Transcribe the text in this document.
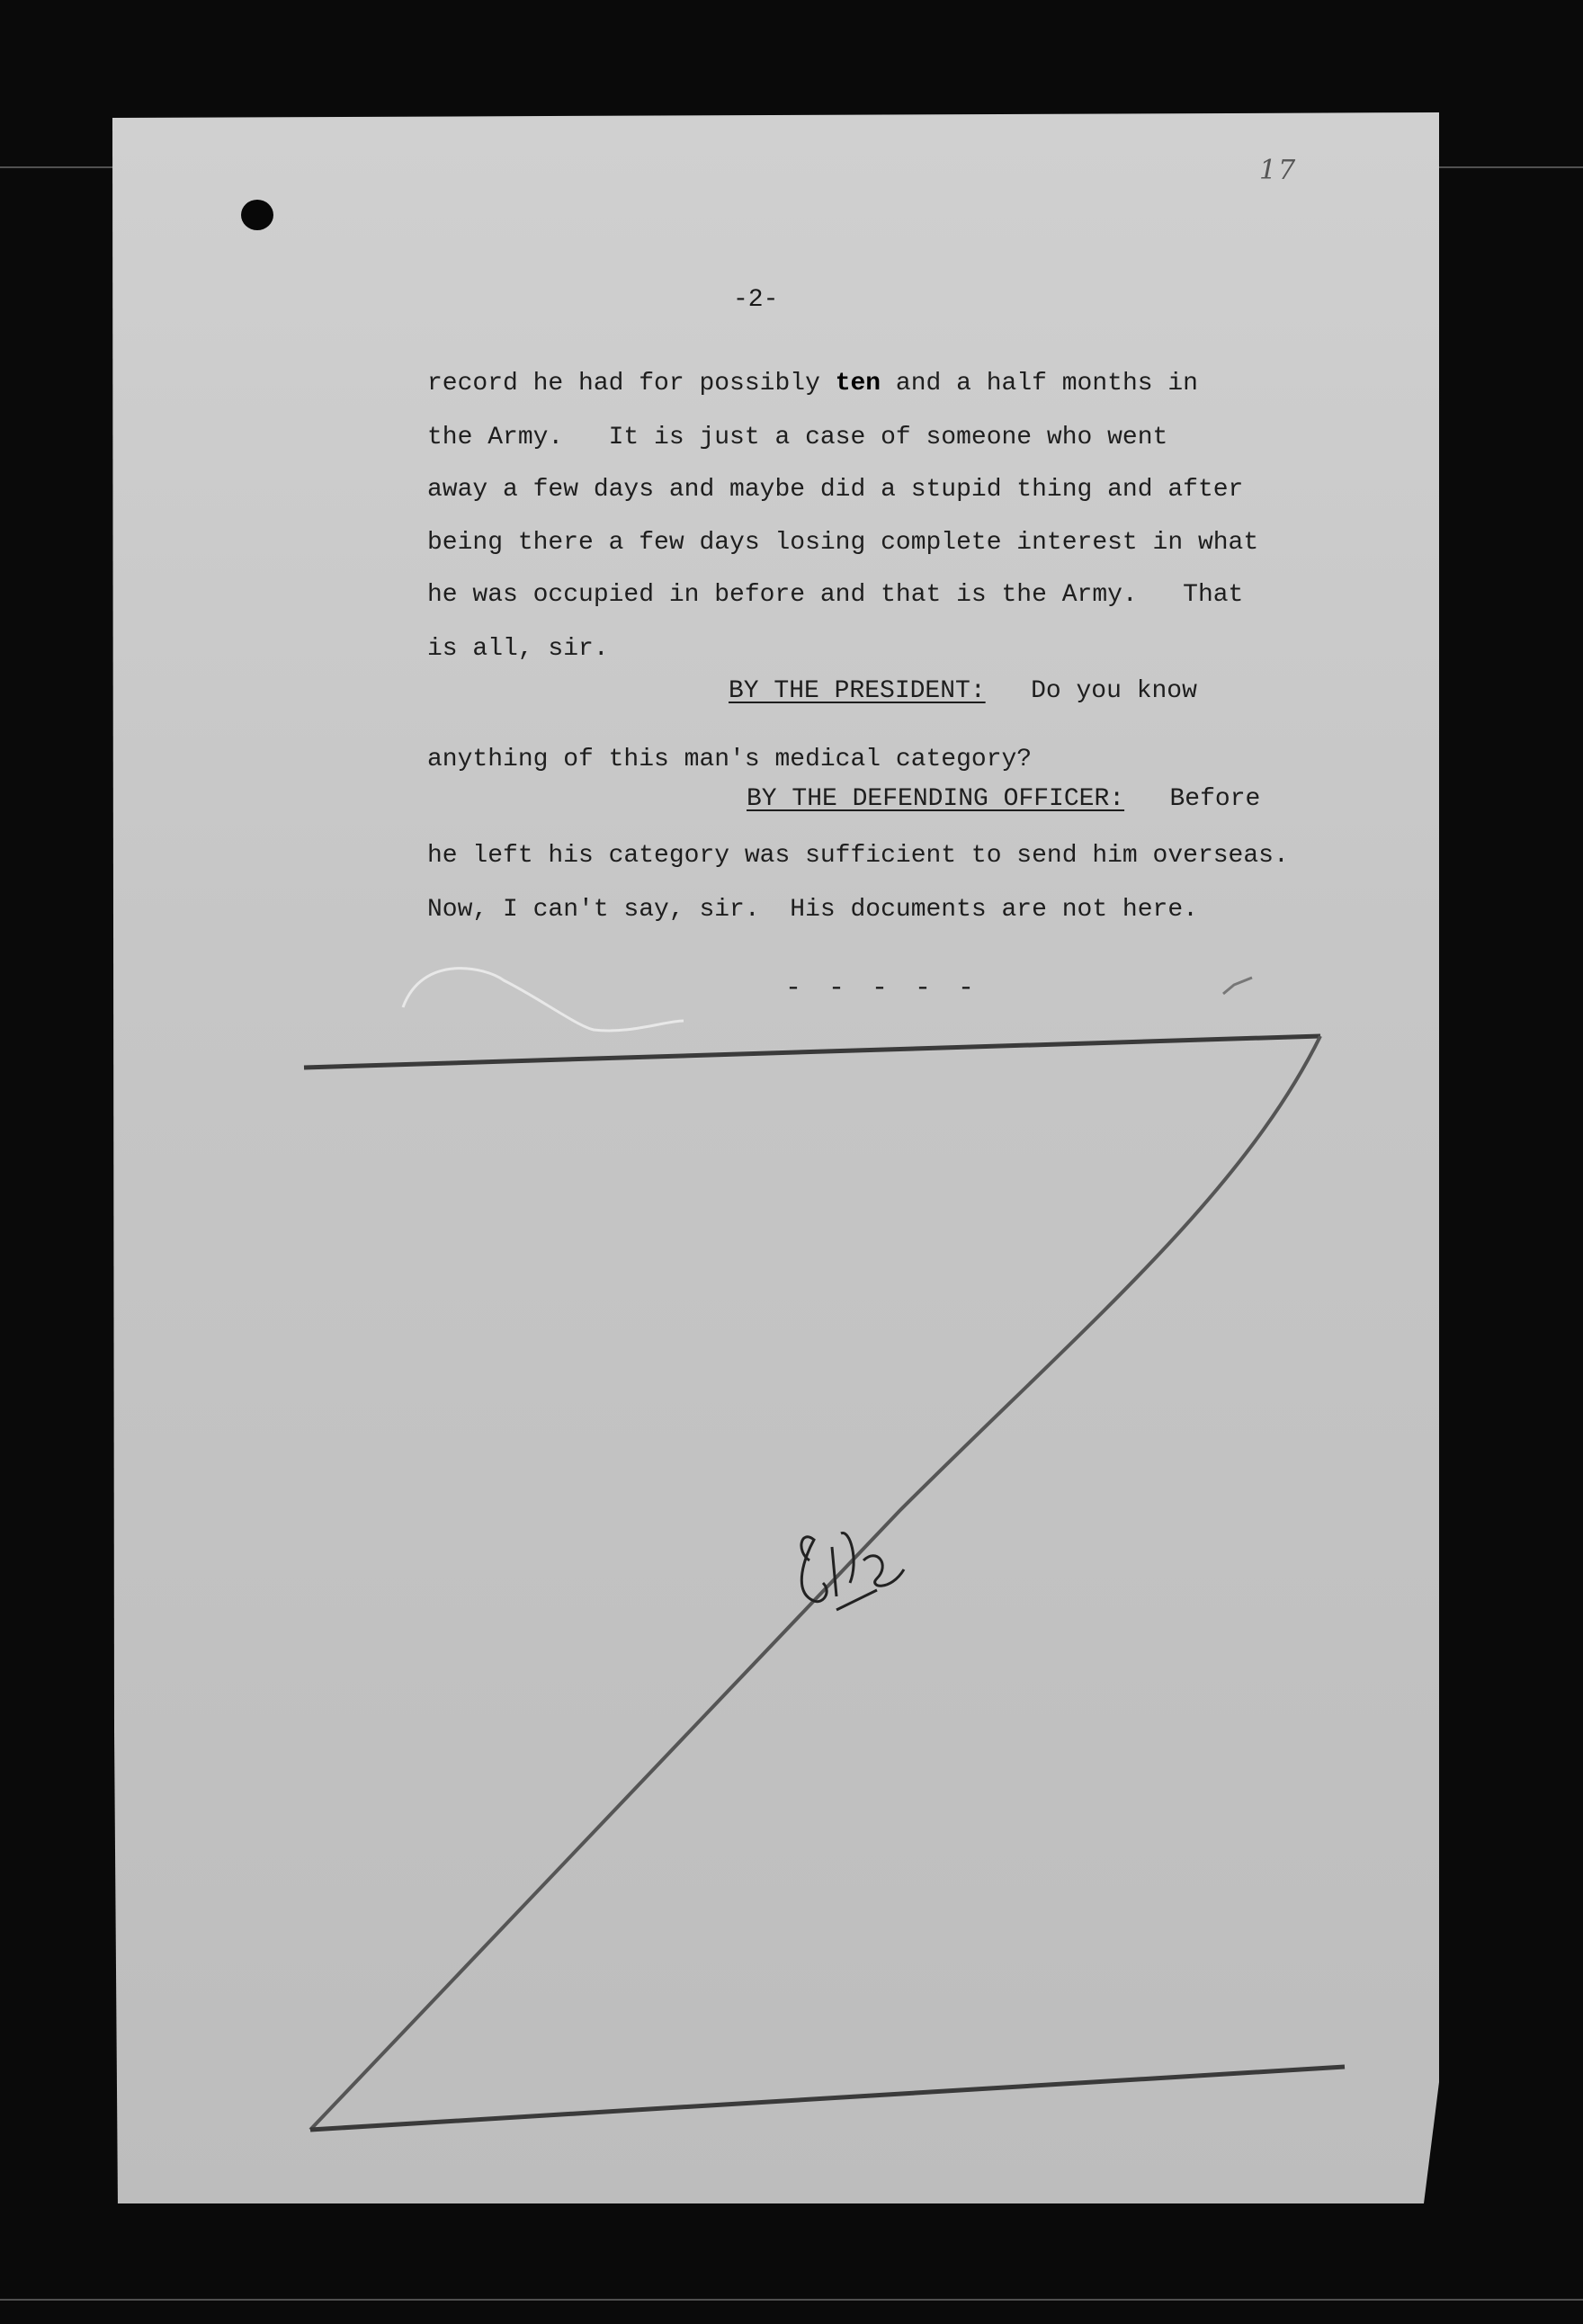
17
-2-
record he had for possibly ten and a half months in
the Army.   It is just a case of someone who went
away a few days and maybe did a stupid thing and after
being there a few days losing complete interest in what
he was occupied in before and that is the Army.   That
is all, sir.
BY THE PRESIDENT: Do you know
anything of this man's medical category?
BY THE DEFENDING OFFICER: Before
he left his category was sufficient to send him overseas.
Now, I can't say, sir.  His documents are not here.
- - - - -
